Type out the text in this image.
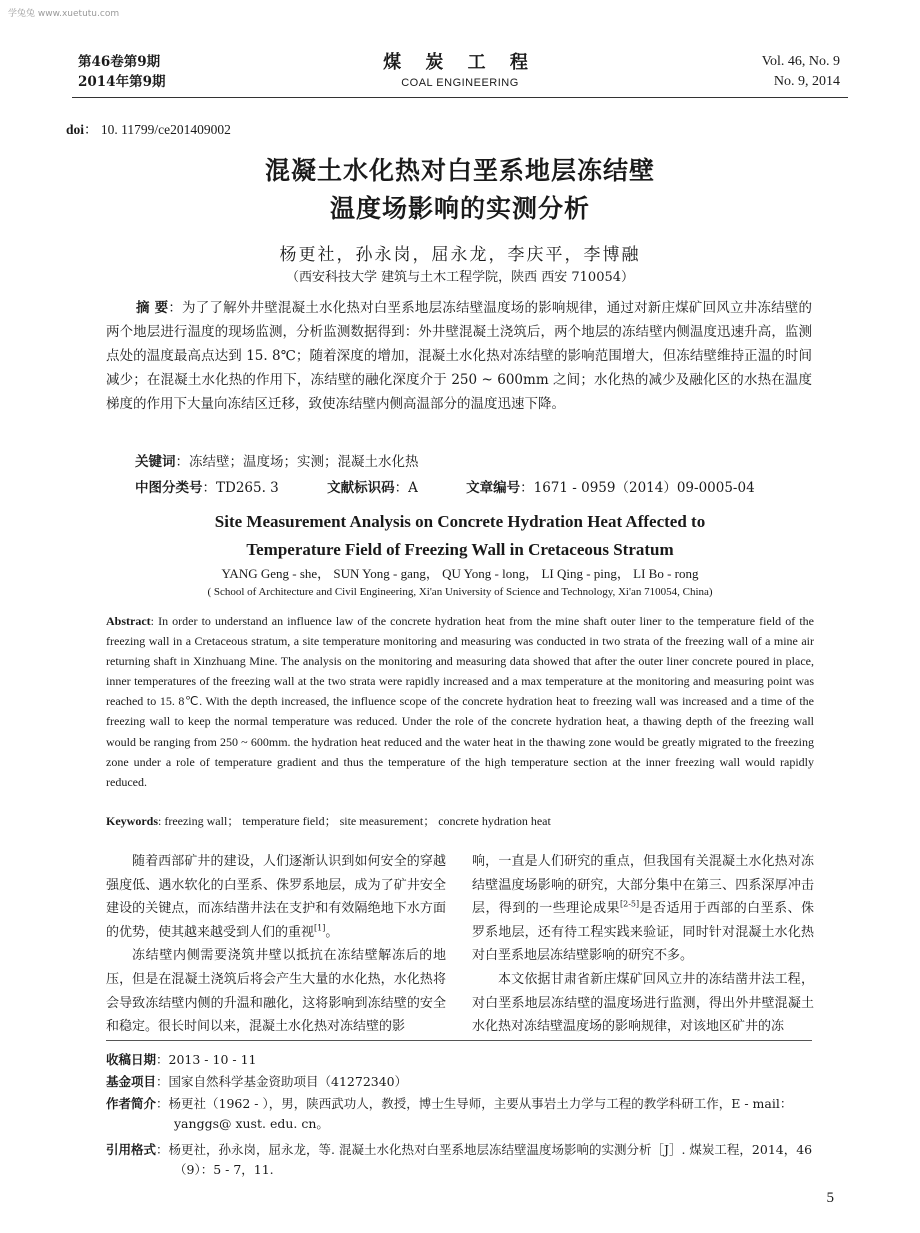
学兔兔 www.xuetutu.com
第46卷第9期
2014年第9期
煤 炭 工 程
COAL ENGINEERING
Vol. 46, No. 9
No. 9, 2014
doi： 10. 11799/ce201409002
混凝土水化热对白垩系地层冻结壁
温度场影响的实测分析
杨更社，孙永岗，屈永龙，李庆平，李博融
（西安科技大学 建筑与土木工程学院，陕西 西安 710054）
摘 要：为了了解外井壁混凝土水化热对白垩系地层冻结壁温度场的影响规律，通过对新庄煤矿回风立井冻结壁的两个地层进行温度的现场监测，分析监测数据得到：外井壁混凝土浇筑后，两个地层的冻结壁内侧温度迅速升高，监测点处的温度最高点达到 15. 8℃；随着深度的增加，混凝土水化热对冻结壁的影响范围增大，但冻结壁维持正温的时间减少；在混凝土水化热的作用下，冻结壁的融化深度介于 250 ~ 600mm 之间；水化热的减少及融化区的水热在温度梯度的作用下大量向冻结区迁移，致使冻结壁内侧高温部分的温度迅速下降。
关键词：冻结壁；温度场；实测；混凝土水化热
中图分类号：TD265. 3	文献标识码：A	文章编号：1671 - 0959（2014）09-0005-04
Site Measurement Analysis on Concrete Hydration Heat Affected to
Temperature Field of Freezing Wall in Cretaceous Stratum
YANG Geng - she， SUN Yong - gang， QU Yong - long， LI Qing - ping， LI Bo - rong
( School of Architecture and Civil Engineering, Xi'an University of Science and Technology, Xi'an 710054, China)
Abstract: In order to understand an influence law of the concrete hydration heat from the mine shaft outer liner to the temperature field of the freezing wall in a Cretaceous stratum, a site temperature monitoring and measuring was conducted in two strata of the freezing wall of a mine air returning shaft in Xinzhuang Mine. The analysis on the monitoring and measuring data showed that after the outer liner concrete poured in place, inner temperatures of the freezing wall at the two strata were rapidly increased and a max temperature at the monitoring and measuring point was reached to 15. 8℃. With the depth increased, the influence scope of the concrete hydration heat to freezing wall was increased and a time of the freezing wall to keep the normal temperature was reduced. Under the role of the concrete hydration heat, a thawing depth of the freezing wall would be ranging from 250 ~ 600mm. the hydration heat reduced and the water heat in the thawing zone would be greatly migrated to the freezing zone under a role of temperature gradient and thus the temperature of the high temperature section at the inner freezing wall would rapidly reduced.
Keywords: freezing wall； temperature field； site measurement； concrete hydration heat

随着西部矿井的建设，人们逐渐认识到如何安全的穿越强度低、遇水软化的白垩系、侏罗系地层，成为了矿井安全建设的关键点，而冻结凿井法在支护和有效隔绝地下水方面的优势，使其越来越受到人们的重视[1]。

冻结壁内侧需要浇筑井壁以抵抗在冻结壁解冻后的地压，但是在混凝土浇筑后将会产生大量的水化热，水化热将会导致冻结壁内侧的升温和融化，这将影响到冻结壁的安全和稳定。很长时间以来，混凝土水化热对冻结壁的影

响，一直是人们研究的重点，但我国有关混凝土水化热对冻结壁温度场影响的研究，大部分集中在第三、四系深厚冲击层，得到的一些理论成果[2-5]是否适用于西部的白垩系、侏罗系地层，还有待工程实践来验证，同时针对混凝土水化热对白垩系地层冻结壁影响的研究不多。

本文依据甘肃省新庄煤矿回风立井的冻结凿井法工程，对白垩系地层冻结壁的温度场进行监测，得出外井壁混凝土水化热对冻结壁温度场的影响规律，对该地区矿井的冻

收稿日期：2013 - 10 - 11
基金项目：国家自然科学基金资助项目（41272340）
作者简介：杨更社（1962 - ），男，陕西武功人，教授，博士生导师，主要从事岩土力学与工程的教学科研工作，E - mail：yanggs@ xust. edu. cn。
引用格式：杨更社，孙永岗，屈永龙，等. 混凝土水化热对白垩系地层冻结壁温度场影响的实测分析［J］. 煤炭工程，2014，46（9）：5 - 7，11.
5
